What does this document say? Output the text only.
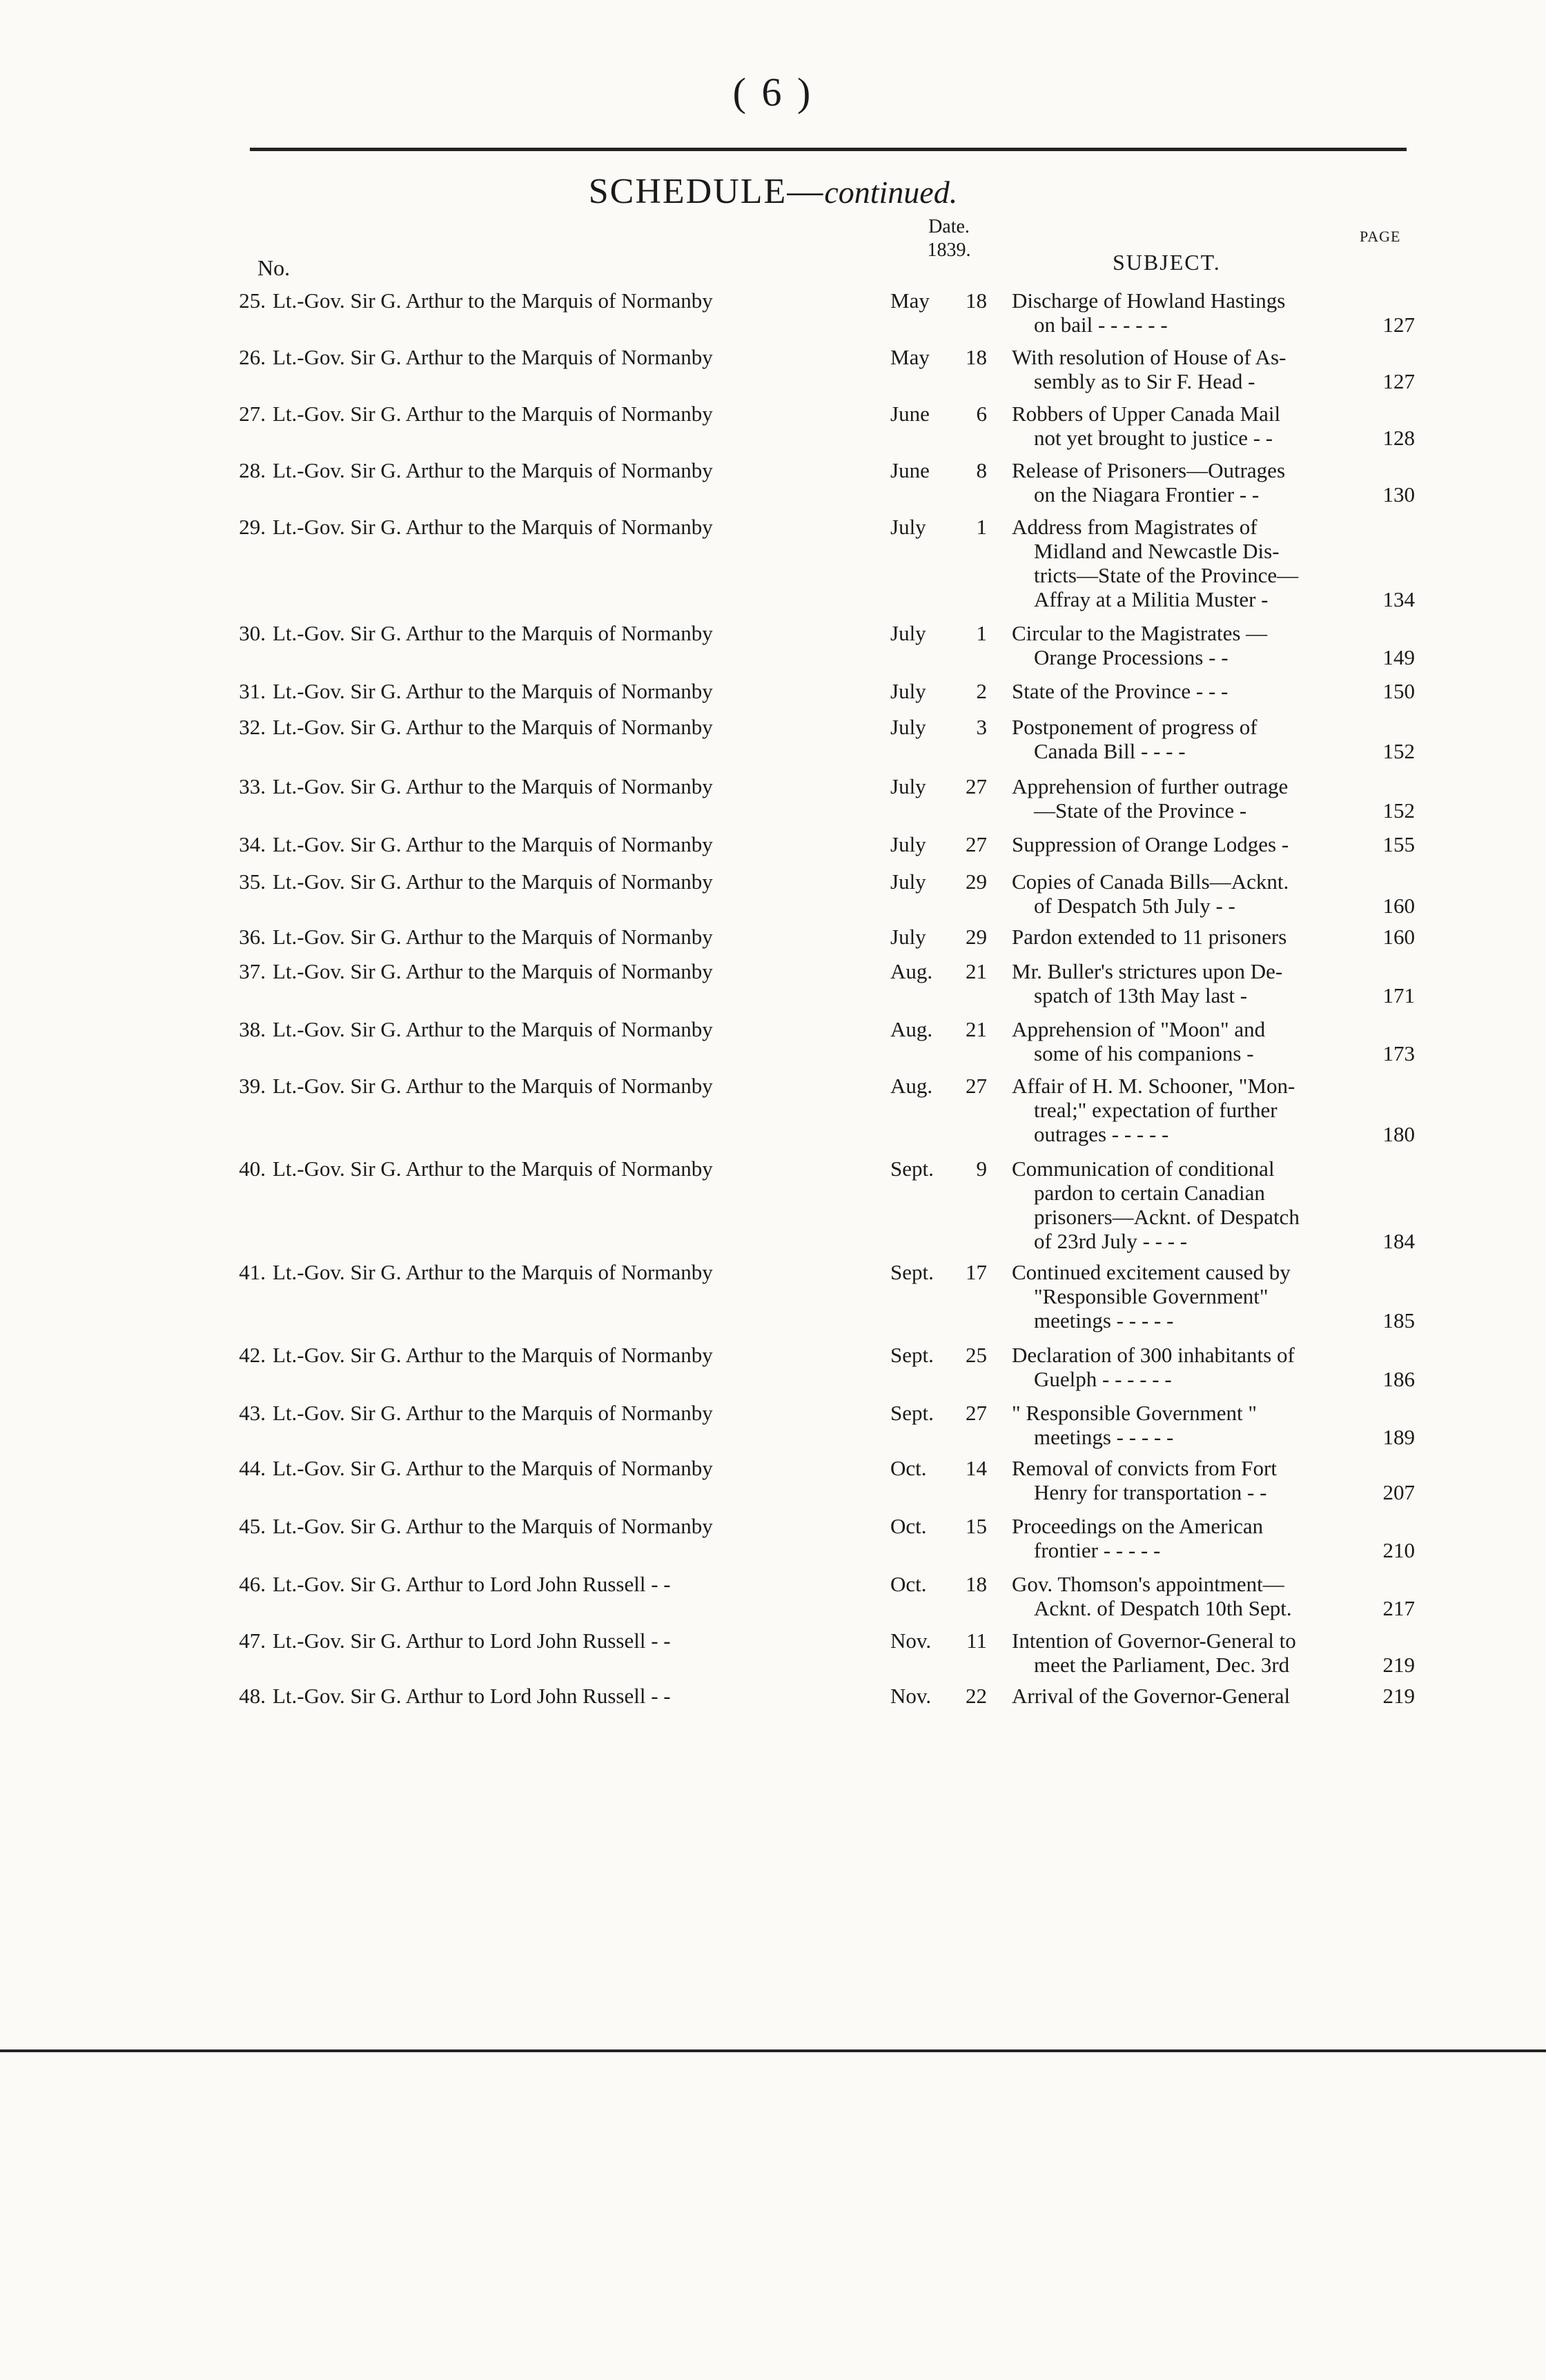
( 6 )
SCHEDULE—continued.
Date.
1839.
No.	SUBJECT.
PAGE
25. Lt.-Gov. Sir G. Arthur to the Marquis of Normanby	May 18 Discharge of Howland Hastings
on bail - - - - - -	127
26. Lt.-Gov. Sir G. Arthur to the Marquis of Normanby	May 18 With resolution of House of As-
sembly as to Sir F. Head -	127
27. Lt.-Gov. Sir G. Arthur to the Marquis of Normanby	June 6 Robbers of Upper Canada Mail
not yet brought to justice - -	128
28. Lt.-Gov. Sir G. Arthur to the Marquis of Normanby	June 8 Release of Prisoners—Outrages
on the Niagara Frontier - -	130
29. Lt.-Gov. Sir G. Arthur to the Marquis of Normanby	July 1 Address from Magistrates of
Midland and Newcastle Dis-
tricts—State of the Province—
Affray at a Militia Muster -	134
30. Lt.-Gov. Sir G. Arthur to the Marquis of Normanby	July 1 Circular to the Magistrates —
Orange Processions - -	149
31. Lt.-Gov. Sir G. Arthur to the Marquis of Normanby	July 2 State of the Province - - -	150
32. Lt.-Gov. Sir G. Arthur to the Marquis of Normanby	July 3 Postponement of progress of
Canada Bill - - - -	152
33. Lt.-Gov. Sir G. Arthur to the Marquis of Normanby	July 27 Apprehension of further outrage
—State of the Province -	152
34. Lt.-Gov. Sir G. Arthur to the Marquis of Normanby	July 27 Suppression of Orange Lodges -	155
35. Lt.-Gov. Sir G. Arthur to the Marquis of Normanby	July 29 Copies of Canada Bills—Acknt.
of Despatch 5th July - -	160
36. Lt.-Gov. Sir G. Arthur to the Marquis of Normanby	July 29 Pardon extended to 11 prisoners	160
37. Lt.-Gov. Sir G. Arthur to the Marquis of Normanby	Aug. 21 Mr. Buller's strictures upon De-
spatch of 13th May last -	171
38. Lt.-Gov. Sir G. Arthur to the Marquis of Normanby	Aug. 21 Apprehension of "Moon" and
some of his companions -	173
39. Lt.-Gov. Sir G. Arthur to the Marquis of Normanby	Aug. 27 Affair of H. M. Schooner, "Mon-
treal;" expectation of further
outrages - - - - -	180
40. Lt.-Gov. Sir G. Arthur to the Marquis of Normanby	Sept. 9 Communication of conditional
pardon to certain Canadian
prisoners—Acknt. of Despatch
of 23rd July - - - -	184
41. Lt.-Gov. Sir G. Arthur to the Marquis of Normanby	Sept. 17 Continued excitement caused by
"Responsible Government"
meetings - - - - -	185
42. Lt.-Gov. Sir G. Arthur to the Marquis of Normanby	Sept. 25 Declaration of 300 inhabitants of
Guelph - - - - - -	186
43. Lt.-Gov. Sir G. Arthur to the Marquis of Normanby	Sept. 27 " Responsible Government "
meetings - - - - -	189
44. Lt.-Gov. Sir G. Arthur to the Marquis of Normanby	Oct. 14 Removal of convicts from Fort
Henry for transportation - -	207
45. Lt.-Gov. Sir G. Arthur to the Marquis of Normanby	Oct. 15 Proceedings on the American
frontier - - - - -	210
46. Lt.-Gov. Sir G. Arthur to Lord John Russell - -	Oct. 18 Gov. Thomson's appointment—
Acknt. of Despatch 10th Sept.	217
47. Lt.-Gov. Sir G. Arthur to Lord John Russell - -	Nov. 11 Intention of Governor-General to
meet the Parliament, Dec. 3rd	219
48. Lt.-Gov. Sir G. Arthur to Lord John Russell - -	Nov. 22 Arrival of the Governor-General	219
